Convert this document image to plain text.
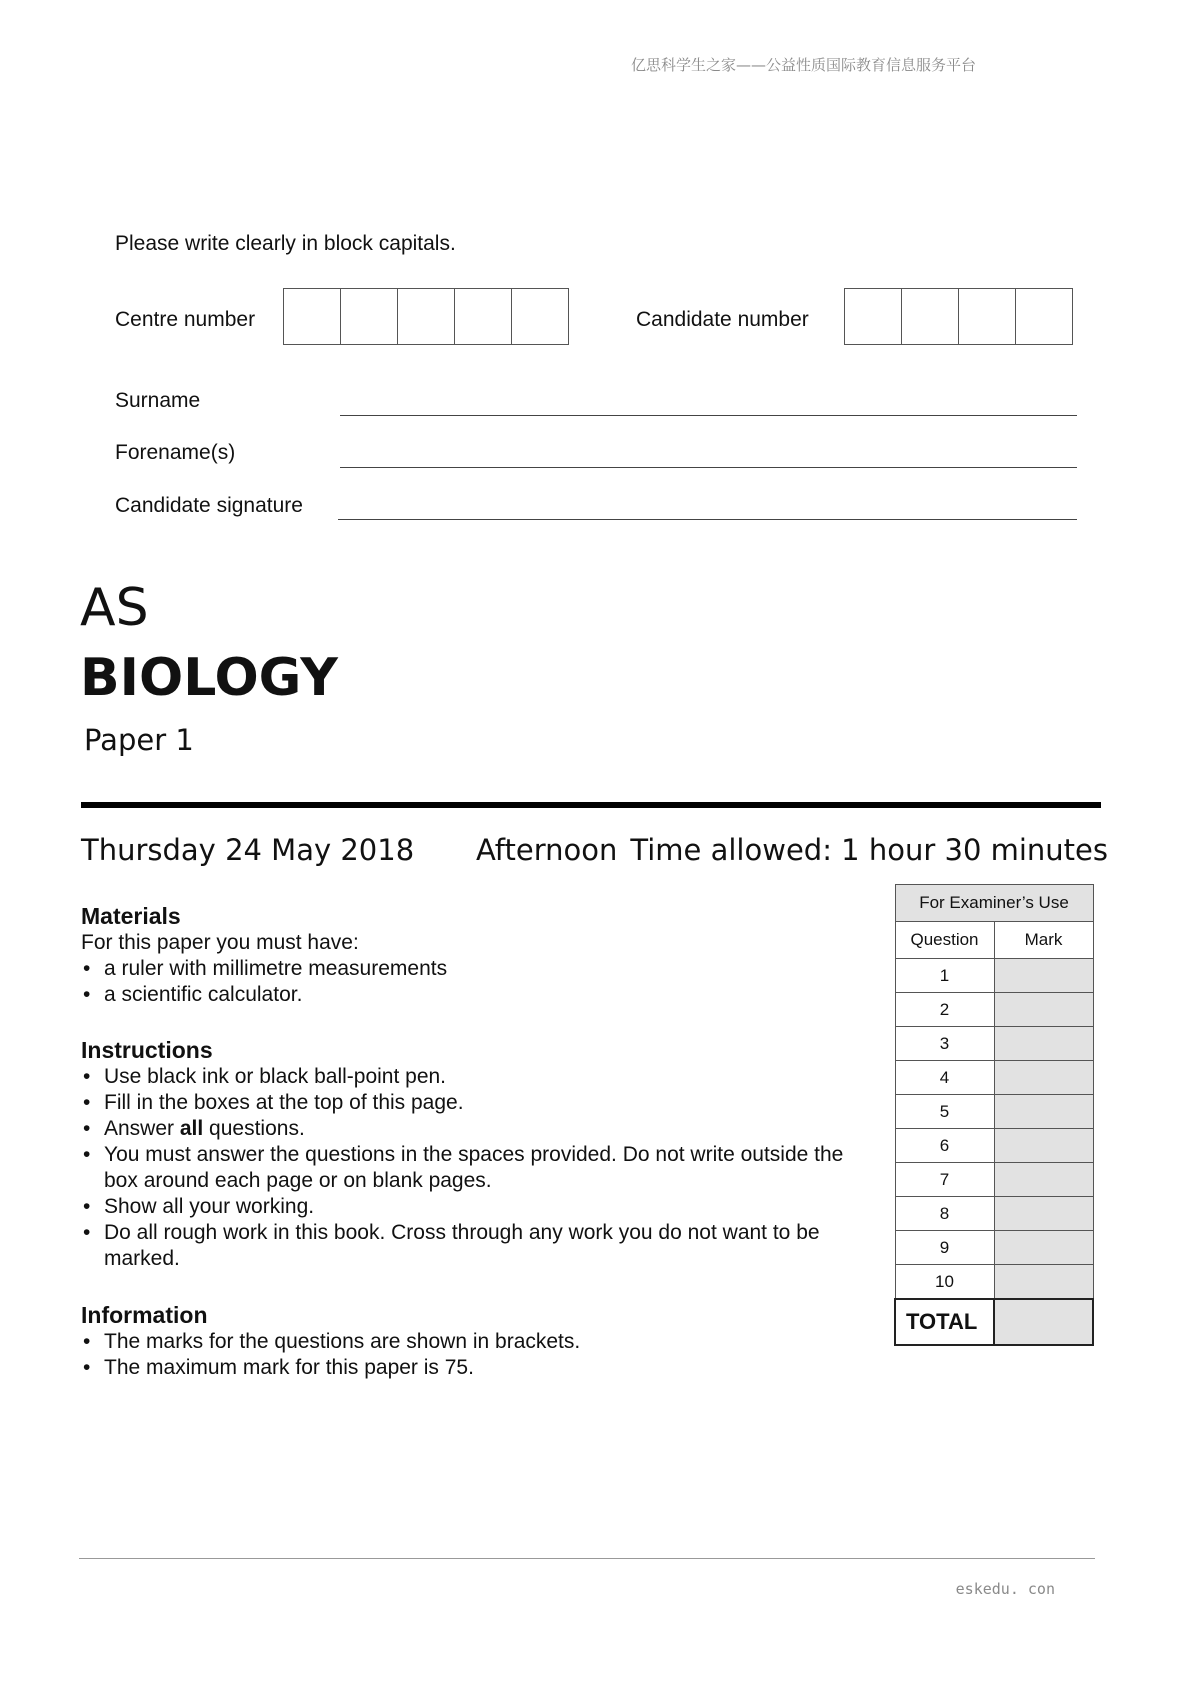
亿思科学生之家——公益性质国际教育信息服务平台
Please write clearly in block capitals.
Centre number	Candidate number
Surname
Forename(s)
Candidate signature
AS
BIOLOGY
Paper 1
Thursday 24 May 2018 Afternoon Time allowed: 1 hour 30 minutes
Materials

For this paper you must have:

• a ruler with millimetre measurements
• a scientific calculator.
Instructions
• Use black ink or black ball-point pen.
• Fill in the boxes at the top of this page.
• Answer all questions.
• You must answer the questions in the spaces provided. Do not write outside the box around each page or on blank pages.
• Show all your working.
• Do all rough work in this book. Cross through any work you do not want to be marked.
Information
• The marks for the questions are shown in brackets.
• The maximum mark for this paper is 75.
For Examiner’s Use	
Question	Mark
1	
2	
3	
4	
5	
6	
7	
8	
9	
10	
TOTAL	
eskedu. con
